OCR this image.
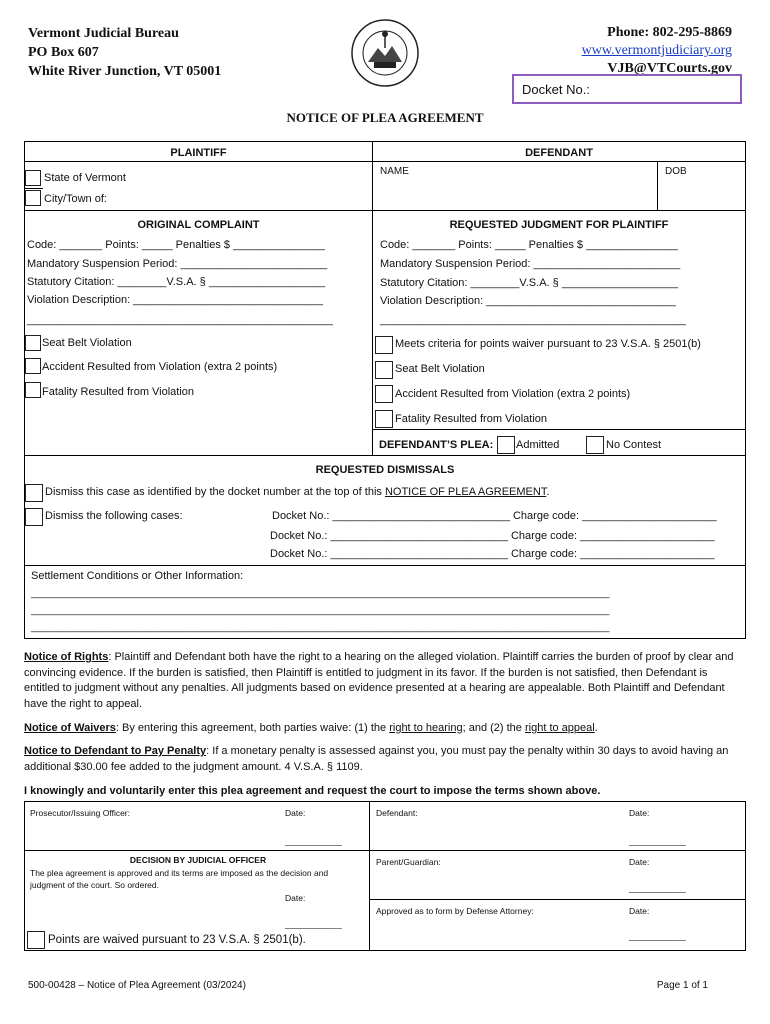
Vermont Judicial Bureau
PO Box 607
White River Junction, VT 05001
Phone: 802-295-8869
www.vermontjudiciary.org
VJB@VTCourts.gov
Docket No.:
NOTICE OF PLEA AGREEMENT
PLAINTIFF	DEFENDANT
State of Vermont
City/Town of:
NAME	DOB
ORIGINAL COMPLAINT
Code: _______ Points: _____ Penalties $ _______________
Mandatory Suspension Period: ________________________
Statutory Citation: ________V.S.A. § ___________________
Violation Description: _______________________________
__________________________________________________
Seat Belt Violation
Accident Resulted from Violation (extra 2 points)
Fatality Resulted from Violation
REQUESTED JUDGMENT FOR PLAINTIFF
Code: _______ Points: _____ Penalties $ _______________
Mandatory Suspension Period: ________________________
Statutory Citation: ________V.S.A. § ___________________
Violation Description: _______________________________
__________________________________________________
Meets criteria for points waiver pursuant to 23 V.S.A. § 2501(b)
Seat Belt Violation
Accident Resulted from Violation (extra 2 points)
Fatality Resulted from Violation
DEFENDANT’S PLEA: Admitted	No Contest
REQUESTED DISMISSALS
Dismiss this case as identified by the docket number at the top of this NOTICE OF PLEA AGREEMENT.
Dismiss the following cases:	Docket No.: _____________________________ Charge code: ______________________
Docket No.: _____________________________ Charge code: ______________________
Docket No.: _____________________________ Charge code: ______________________
Settlement Conditions or Other Information:
________________________________________________________________________________________________________
________________________________________________________________________________________________________
________________________________________________________________________________________________________
Notice of Rights: Plaintiff and Defendant both have the right to a hearing on the alleged violation. Plaintiff carries the burden of proof by clear and convincing evidence. If the burden is satisfied, then Plaintiff is entitled to judgment in its favor. If the burden is not satisfied, then Defendant is entitled to judgment without any penalties. All judgments based on evidence presented at a hearing are appealable. Both Plaintiff and Defendant have the right to appeal.
Notice of Waivers: By entering this agreement, both parties waive: (1) the right to hearing; and (2) the right to appeal.
Notice to Defendant to Pay Penalty: If a monetary penalty is assessed against you, you must pay the penalty within 30 days to avoid having an additional $30.00 fee added to the judgment amount. 4 V.S.A. § 1109.
I knowingly and voluntarily enter this plea agreement and request the court to impose the terms shown above.
Prosecutor/Issuing Officer:	Date:
____________
Defendant:	Date:
____________
DECISION BY JUDICIAL OFFICER
The plea agreement is approved and its terms are imposed as the decision and judgment of the court. So ordered.
Date:
____________
Points are waived pursuant to 23 V.S.A. § 2501(b).
Parent/Guardian:	Date:
____________
Approved as to form by Defense Attorney:	Date:
____________
500-00428 – Notice of Plea Agreement (03/2024)	Page 1 of 1
